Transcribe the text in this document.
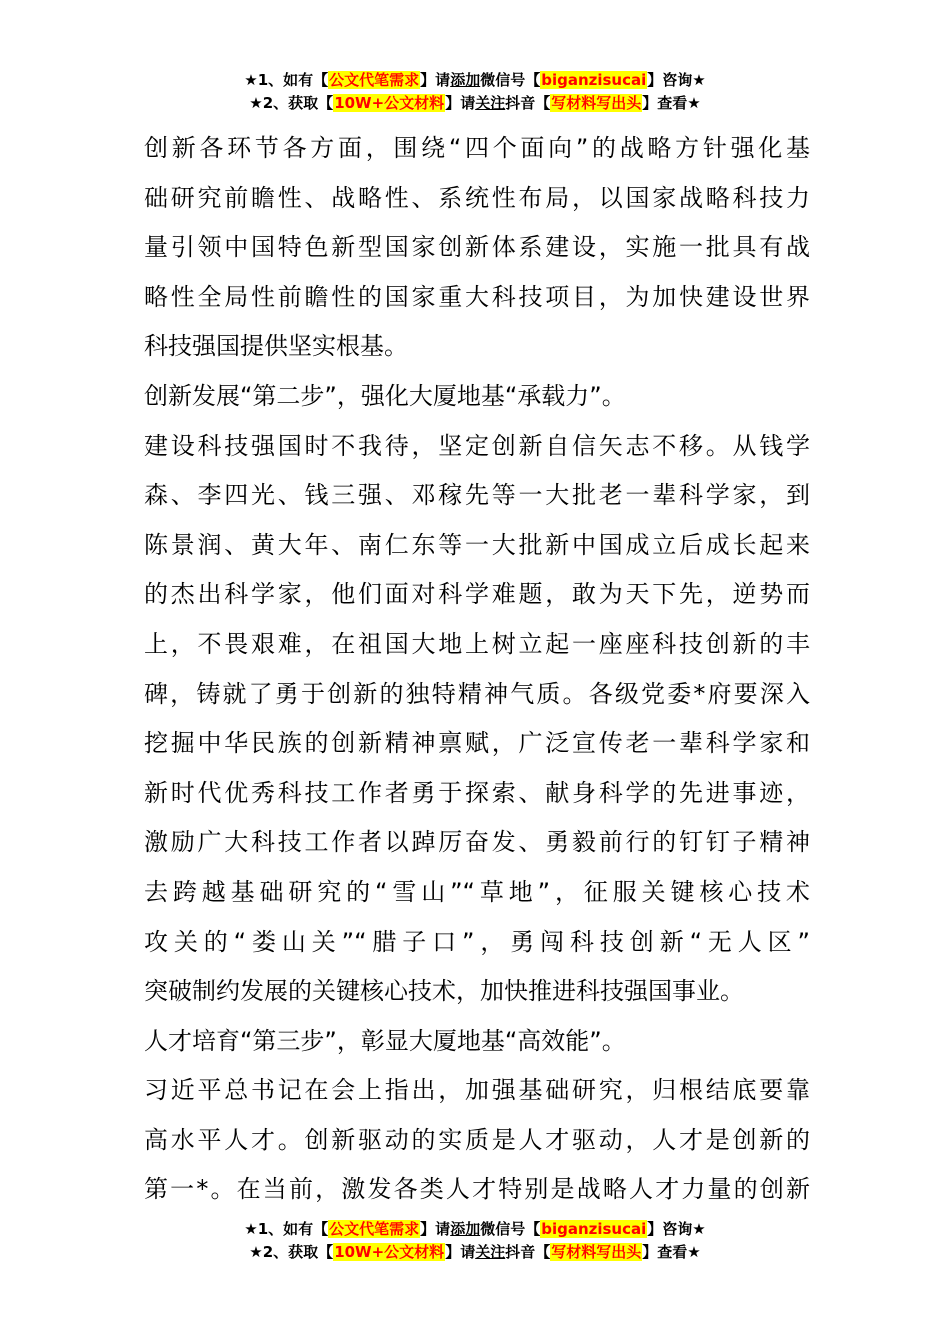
★1、如有【公文代笔需求】请添加微信号【biganzisucai】咨询★
★2、获取【10W+公文材料】请关注抖音【写材料写出头】查看★
创新各环节各方面，围绕“四个面向”的战略方针强化基
础研究前瞻性、战略性、系统性布局，以国家战略科技力
量引领中国特色新型国家创新体系建设，实施一批具有战
略性全局性前瞻性的国家重大科技项目，为加快建设世界
科技强国提供坚实根基。
创新发展“第二步”，强化大厦地基“承载力”。
建设科技强国时不我待，坚定创新自信矢志不移。从钱学
森、李四光、钱三强、邓稼先等一大批老一辈科学家，到
陈景润、黄大年、南仁东等一大批新中国成立后成长起来
的杰出科学家，他们面对科学难题，敢为天下先，逆势而
上，不畏艰难，在祖国大地上树立起一座座科技创新的丰
碑，铸就了勇于创新的独特精神气质。各级党委*府要深入
挖掘中华民族的创新精神禀赋，广泛宣传老一辈科学家和
新时代优秀科技工作者勇于探索、献身科学的先进事迹，
激励广大科技工作者以踔厉奋发、勇毅前行的钉钉子精神
去跨越基础研究的“雪山”“草地”，征服关键核心技术
攻关的“娄山关”“腊子口”，勇闯科技创新“无人区”
突破制约发展的关键核心技术，加快推进科技强国事业。
人才培育“第三步”，彰显大厦地基“高效能”。
习近平总书记在会上指出，加强基础研究，归根结底要靠
高水平人才。创新驱动的实质是人才驱动，人才是创新的
第一*。在当前，激发各类人才特别是战略人才力量的创新
★1、如有【公文代笔需求】请添加微信号【biganzisucai】咨询★
★2、获取【10W+公文材料】请关注抖音【写材料写出头】查看★
